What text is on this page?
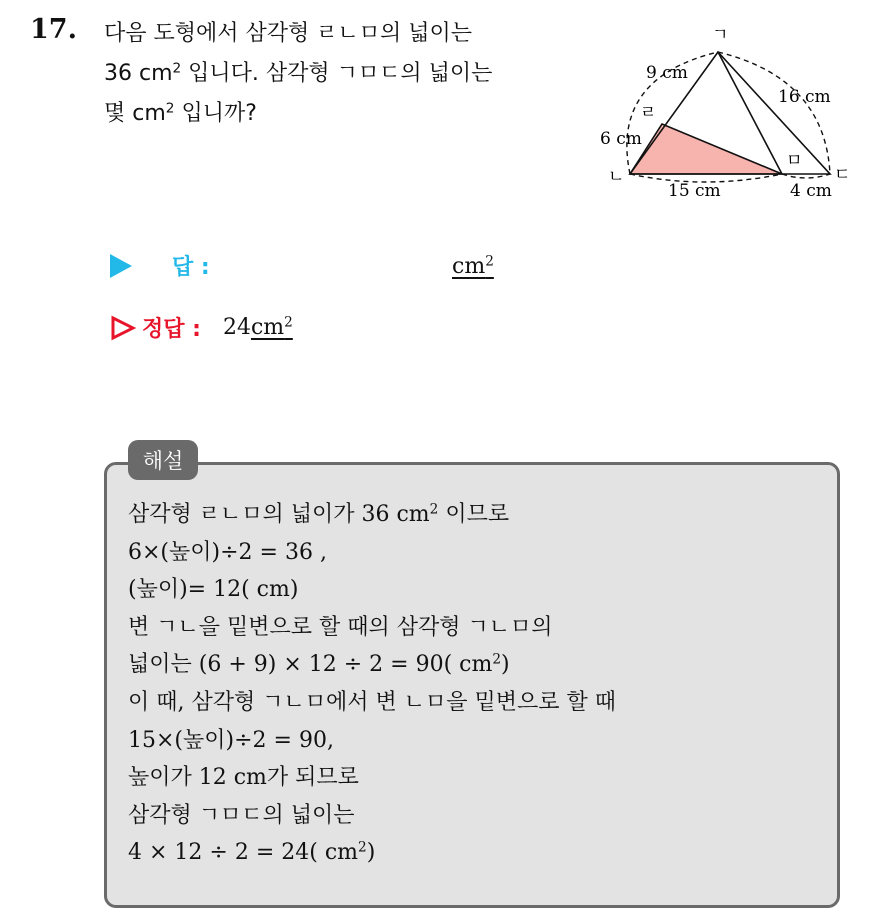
17. 다음 도형에서 삼각형 ㄹㄴㅁ의 넓이는
36 $cm^2$ 입니다. 삼각형 ㄱㅁㄷ의 넓이는
몇 $cm^2$ 입니까?
ㄱ
ㄹ
ㄴ
ㅁ
ㄷ
9 cm
16 cm
6 cm
15 cm	4 cm
답 :	$cm^2$
정답 : $24cm^2$
해설
삼각형 ㄹㄴㅁ의 넓이가 36 $cm^2$ 이므로
6×(높이)÷2 = 36 ,
(높이)= 12( cm)
변 ㄱㄴ을 밑변으로 할 때의 삼각형 ㄱㄴㅁ의
넓이는 (6 + 9) × 12 ÷ 2 = 90( $cm^2$)
이 때, 삼각형 ㄱㄴㅁ에서 변 ㄴㅁ을 밑변으로 할 때
15×(높이)÷2 = 90,
높이가 12 cm가 되므로
삼각형 ㄱㅁㄷ의 넓이는
4 × 12 ÷ 2 = 24( $cm^2$)
